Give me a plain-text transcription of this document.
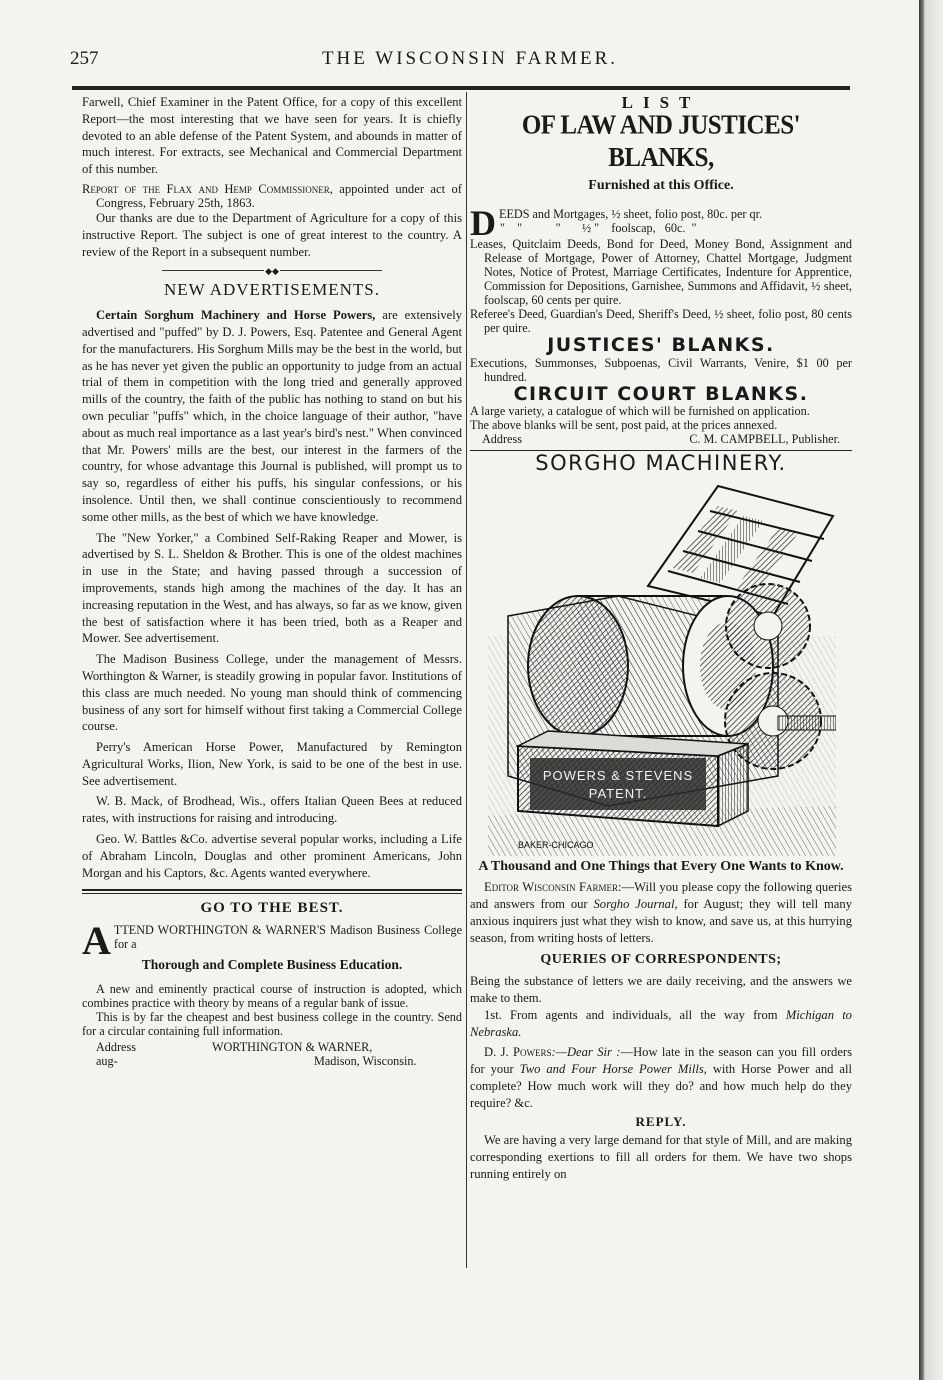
257	THE WISCONSIN FARMER.

Farwell, Chief Examiner in the Patent Office, for a copy of this excellent Report—the most interesting that we have seen for years. It is chiefly devoted to an able defense of the Patent System, and abounds in matter of much interest. For extracts, see Mechanical and Commercial Department of this number.

Report of the Flax and Hemp Commissioner, appointed under act of Congress, February 25th, 1863.

Our thanks are due to the Department of Agriculture for a copy of this instructive Report. The subject is one of great interest to the country. A review of the Report in a subsequent number.

◆◆
NEW ADVERTISEMENTS.

Certain Sorghum Machinery and Horse Powers, are extensively advertised and "puffed" by D. J. Powers, Esq. Patentee and General Agent for the manufacturers. His Sorghum Mills may be the best in the world, but as he has never yet given the public an opportunity to judge from an actual trial of them in competition with the long tried and generally approved mills of the country, the faith of the public has nothing to stand on but his own peculiar "puffs" which, in the choice language of their author, "have about as much real importance as a last year's bird's nest." When convinced that Mr. Powers' mills are the best, our interest in the farmers of the country, for whose advantage this Journal is published, will prompt us to say so, regardless of either his puffs, his singular confessions, or his insolence. Until then, we shall continue conscientiously to recommend some other mills, as the best of which we have knowledge.

The "New Yorker," a Combined Self-Raking Reaper and Mower, is advertised by S. L. Sheldon & Brother. This is one of the oldest machines in use in the State; and having passed through a succession of improvements, stands high among the machines of the day. It has an increasing reputation in the West, and has always, so far as we know, given the best of satisfaction where it has been tried, both as a Reaper and Mower. See advertisement.

The Madison Business College, under the management of Messrs. Worthington & Warner, is steadily growing in popular favor. Institutions of this class are much needed. No young man should think of commencing business of any sort for himself without first taking a Commercial College course.

Perry's American Horse Power, Manufactured by Remington Agricultural Works, Ilion, New York, is said to be one of the best in use. See advertisement.

W. B. Mack, of Brodhead, Wis., offers Italian Queen Bees at reduced rates, with instructions for raising and introducing.

Geo. W. Battles &Co. advertise several popular works, including a Life of Abraham Lincoln, Douglas and other prominent Americans, John Morgan and his Captors, &c. Agents wanted everywhere.

GO TO THE BEST.

ATTEND WORTHINGTON & WARNER'S Madison Business College for a

Thorough and Complete Business Education.

A new and eminently practical course of instruction is adopted, which combines practice with theory by means of a regular bank of issue.

This is by far the cheapest and best business college in the country. Send for a circular containing full information.

Address	WORTHINGTON & WARNER,
aug-	Madison, Wisconsin.
LIST
OF LAW AND JUSTICES' BLANKS,
Furnished at this Office.
D EEDS and Mortgages, ½ sheet, folio post, 80c. per qr.
"    "           "       ½ "    foolscap,   60c.  "

Leases, Quitclaim Deeds, Bond for Deed, Money Bond, Assignment and Release of Mortgage, Power of Attorney, Chattel Mortgage, Judgment Notes, Notice of Protest, Marriage Certificates, Indenture for Apprentice, Commission for Depositions, Garnishee, Summons and Affidavit, ½ sheet, foolscap, 60 cents per quire.

Referee's Deed, Guardian's Deed, Sheriff's Deed, ½ sheet, folio post, 80 cents per quire.

JUSTICES' BLANKS.

Executions, Summonses, Subpoenas, Civil Warrants, Venire, $1 00 per hundred.

CIRCUIT COURT BLANKS.

A large variety, a catalogue of which will be furnished on application.

The above blanks will be sent, post paid, at the prices annexed.

Address	C. M. CAMPBELL, Publisher.
SORGHO MACHINERY.
POWERS & STEVENS
PATENT.
BAKER-CHICAGO
A Thousand and One Things that Every One Wants to Know.

Editor Wisconsin Farmer:—Will you please copy the following queries and answers from our Sorgho Journal, for August; they will tell many anxious inquirers just what they wish to know, and save us, at this hurrying season, from writing hosts of letters.

QUERIES OF CORRESPONDENTS;

Being the substance of letters we are daily receiving, and the answers we make to them.

1st. From agents and individuals, all the way from Michigan to Nebraska.

D. J. Powers:—Dear Sir :—How late in the season can you fill orders for your Two and Four Horse Power Mills, with Horse Power and all complete? How much work will they do? and how much help do they require? &c.

REPLY.

We are having a very large demand for that style of Mill, and are making corresponding exertions to fill all orders for them. We have two shops running entirely on
